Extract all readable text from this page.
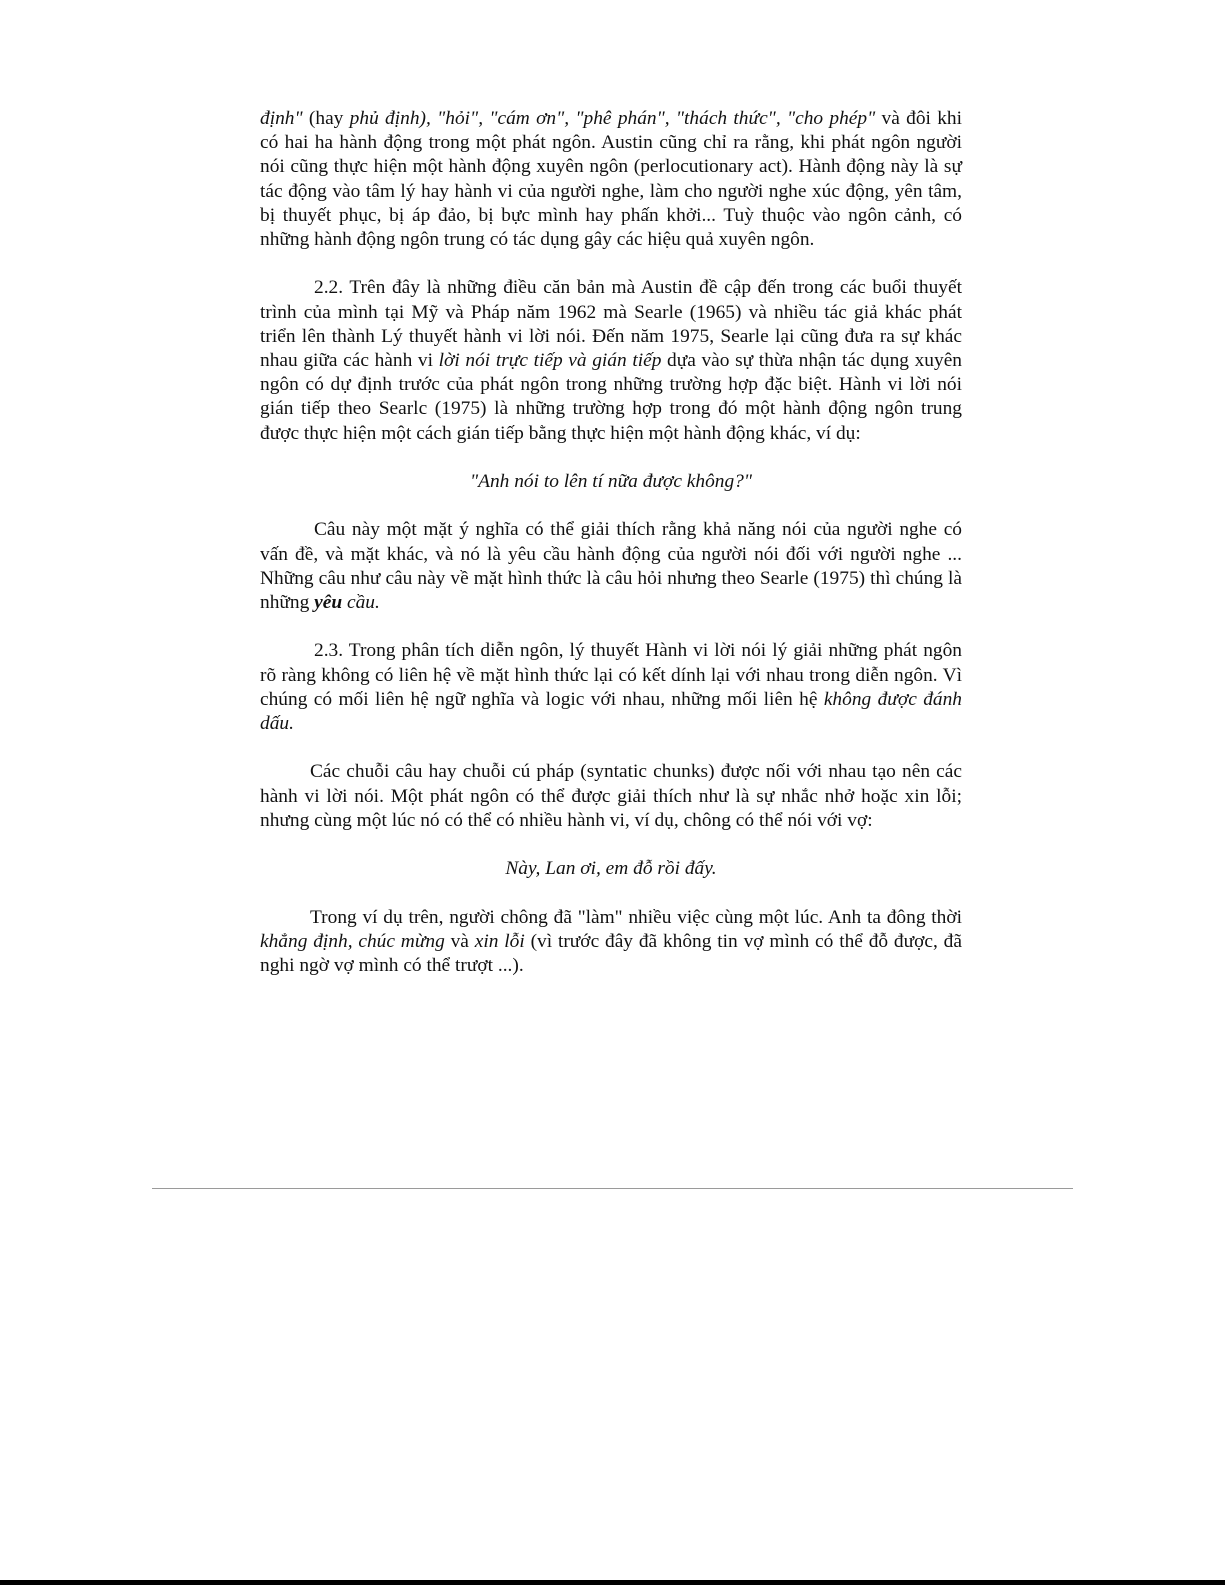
định" (hay phủ định), "hỏi", "cám ơn", "phê phán", "thách thức", "cho phép" và đôi khi có hai ha hành động trong một phát ngôn. Austin cũng chỉ ra rằng, khi phát ngôn người nói cũng thực hiện một hành động xuyên ngôn (perlocutionary act). Hành động này là sự tác động vào tâm lý hay hành vi của người nghe, làm cho người nghe xúc động, yên tâm, bị thuyết phục, bị áp đảo, bị bực mình hay phấn khởi... Tuỳ thuộc vào ngôn cảnh, có những hành động ngôn trung có tác dụng gây các hiệu quả xuyên ngôn.

2.2. Trên đây là những điều căn bản mà Austin đề cập đến trong các buổi thuyết trình của mình tại Mỹ và Pháp năm 1962 mà Searle (1965) và nhiều tác giả khác phát triển lên thành Lý thuyết hành vi lời nói. Đến năm 1975, Searle lại cũng đưa ra sự khác nhau giữa các hành vi lời nói trực tiếp và gián tiếp dựa vào sự thừa nhận tác dụng xuyên ngôn có dự định trước của phát ngôn trong những trường hợp đặc biệt. Hành vi lời nói gián tiếp theo Searlc (1975) là những trường hợp trong đó một hành động ngôn trung được thực hiện một cách gián tiếp bằng thực hiện một hành động khác, ví dụ:

"Anh nói to lên tí nữa được không?"

Câu này một mặt ý nghĩa có thể giải thích rằng khả năng nói của người nghe có vấn đề, và mặt khác, và nó là yêu cầu hành động của người nói đối với người nghe ... Những câu như câu này về mặt hình thức là câu hỏi nhưng theo Searle (1975) thì chúng là những yêu cầu.

2.3. Trong phân tích diễn ngôn, lý thuyết Hành vi lời nói lý giải những phát ngôn rõ ràng không có liên hệ về mặt hình thức lại có kết dính lại với nhau trong diễn ngôn. Vì chúng có mối liên hệ ngữ nghĩa và logic với nhau, những mối liên hệ không được đánh dấu.

Các chuỗi câu hay chuỗi cú pháp (syntatic chunks) được nối với nhau tạo nên các hành vi lời nói. Một phát ngôn có thể được giải thích như là sự nhắc nhở hoặc xin lỗi; nhưng cùng một lúc nó có thể có nhiều hành vi, ví dụ, chông có thể nói với vợ:

Này, Lan ơi, em đỗ rồi đấy.

Trong ví dụ trên, người chông đã "làm" nhiều việc cùng một lúc. Anh ta đông thời khẳng định, chúc mừng và xin lỗi (vì trước đây đã không tin vợ mình có thể đỗ được, đã nghi ngờ vợ mình có thể trượt ...).
